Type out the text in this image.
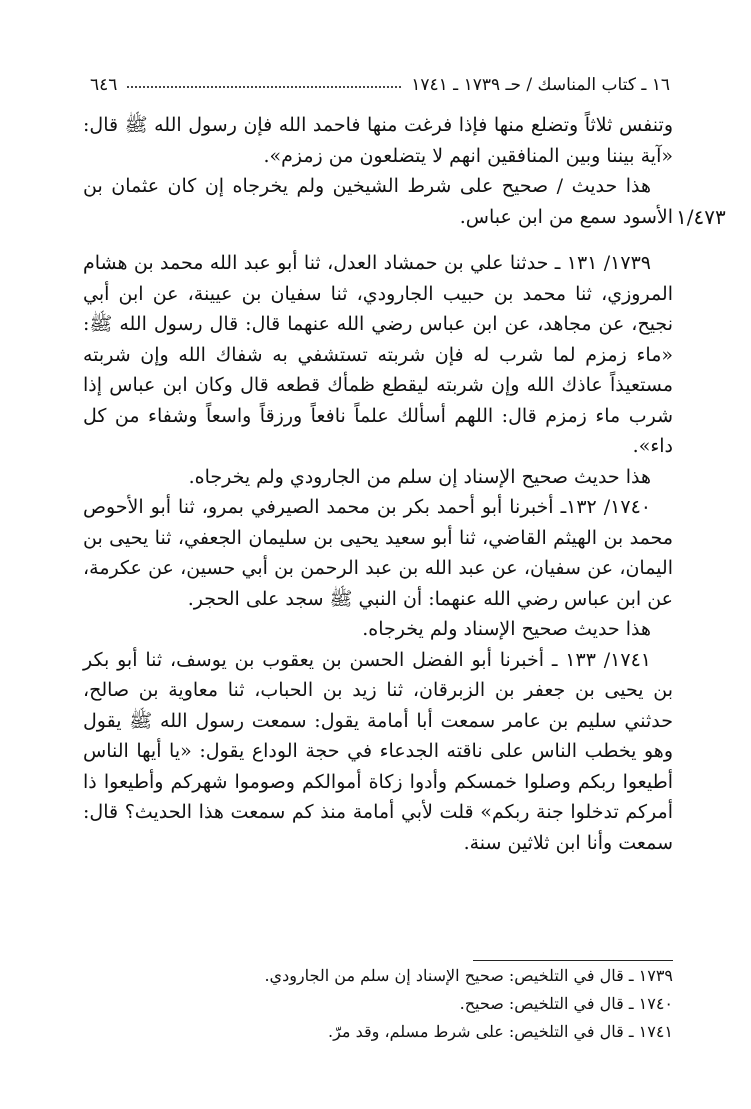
١٦ ـ كتاب المناسك / حـ ١٧٣٩ ـ ١٧٤١
٦٤٦
١/٤٧٣

وتنفس ثلاثاً وتضلع منها فإذا فرغت منها فاحمد الله فإن رسول الله ﷺ قال: «آية بيننا وبين المنافقين انهم لا يتضلعون من زمزم».

هذا حديث / صحيح على شرط الشيخين ولم يخرجاه إن كان عثمان بن الأسود سمع من ابن عباس.

١٧٣٩/ ١٣١ ـ حدثنا علي بن حمشاد العدل، ثنا أبو عبد الله محمد بن هشام المروزي، ثنا محمد بن حبيب الجارودي، ثنا سفيان بن عيينة، عن ابن أبي نجيح، عن مجاهد، عن ابن عباس رضي الله عنهما قال: قال رسول الله ﷺ: «ماء زمزم لما شرب له فإن شربته تستشفي به شفاك الله وإن شربته مستعيذاً عاذك الله وإن شربته ليقطع ظمأك قطعه قال وكان ابن عباس إذا شرب ماء زمزم قال: اللهم أسألك علماً نافعاً ورزقاً واسعاً وشفاء من كل داء».

هذا حديث صحيح الإسناد إن سلم من الجارودي ولم يخرجاه.

١٧٤٠/ ١٣٢ـ أخبرنا أبو أحمد بكر بن محمد الصيرفي بمرو، ثنا أبو الأحوص محمد بن الهيثم القاضي، ثنا أبو سعيد يحيى بن سليمان الجعفي، ثنا يحيى بن اليمان، عن سفيان، عن عبد الله بن عبد الرحمن بن أبي حسين، عن عكرمة، عن ابن عباس رضي الله عنهما: أن النبي ﷺ سجد على الحجر.

هذا حديث صحيح الإسناد ولم يخرجاه.

١٧٤١/ ١٣٣ ـ أخبرنا أبو الفضل الحسن بن يعقوب بن يوسف، ثنا أبو بكر بن يحيى بن جعفر بن الزبرقان، ثنا زيد بن الحباب، ثنا معاوية بن صالح، حدثني سليم بن عامر سمعت أبا أمامة يقول: سمعت رسول الله ﷺ يقول وهو يخطب الناس على ناقته الجدعاء في حجة الوداع يقول: «يا أيها الناس أطيعوا ربكم وصلوا خمسكم وأدوا زكاة أموالكم وصوموا شهركم وأطيعوا ذا أمركم تدخلوا جنة ربكم» قلت لأبي أمامة منذ كم سمعت هذا الحديث؟ قال: سمعت وأنا ابن ثلاثين سنة.

١٧٣٩ ـ قال في التلخيص: صحيح الإسناد إن سلم من الجارودي.

١٧٤٠ ـ قال في التلخيص: صحيح.

١٧٤١ ـ قال في التلخيص: على شرط مسلم، وقد مرّ.
